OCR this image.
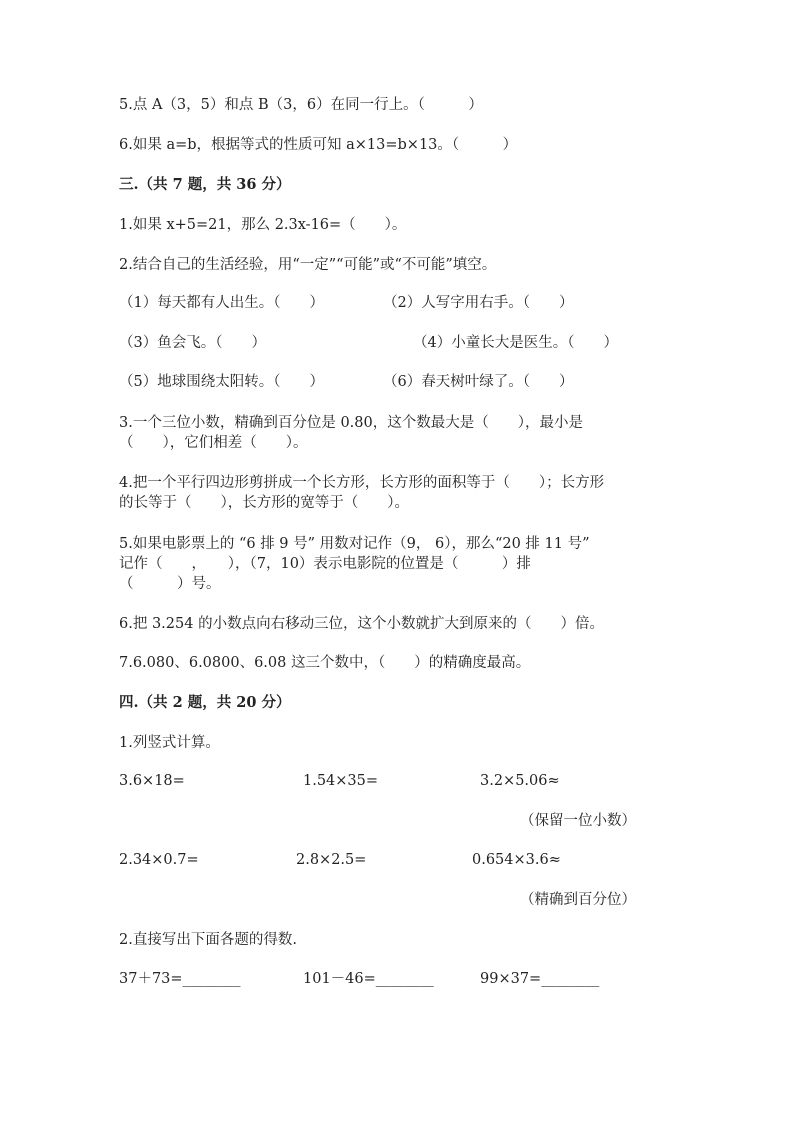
5.点 A（3，5）和点 B（3，6）在同一行上。（　　　）
6.如果 a=b，根据等式的性质可知 a×13=b×13。（　　　）
三.（共 7 题，共 36 分）
1.如果 x+5=21，那么 2.3x-16=（　　）。
2.结合自己的生活经验，用“一定”“可能”或“不可能”填空。
（1）每天都有人出生。（　　）	（2）人写字用右手。（　　）
（3）鱼会飞。（　　）	（4）小童长大是医生。（　　）
（5）地球围绕太阳转。（　　）	（6）春天树叶绿了。（　　）
3.一个三位小数，精确到百分位是 0.80，这个数最大是（　　），最小是
（　　），它们相差（　　）。
4.把一个平行四边形剪拼成一个长方形，长方形的面积等于（　　）；长方形
的长等于（　　），长方形的宽等于（　　）。
5.如果电影票上的 “6 排 9 号” 用数对记作（9， 6），那么“20 排 11 号”
记作（　　，　　），（7，10）表示电影院的位置是（　　　）排
（　　　）号。
6.把 3.254 的小数点向右移动三位，这个小数就扩大到原来的（　　）倍。
7.6.080、6.0800、6.08 这三个数中，（　　）的精确度最高。
四.（共 2 题，共 20 分）
1.列竖式计算。
3.6×18=	1.54×35=	3.2×5.06≈
（保留一位小数）
2.34×0.7=	2.8×2.5=	0.654×3.6≈
（精确到百分位）
2.直接写出下面各题的得数.
37＋73=________	101－46=________	99×37=________
